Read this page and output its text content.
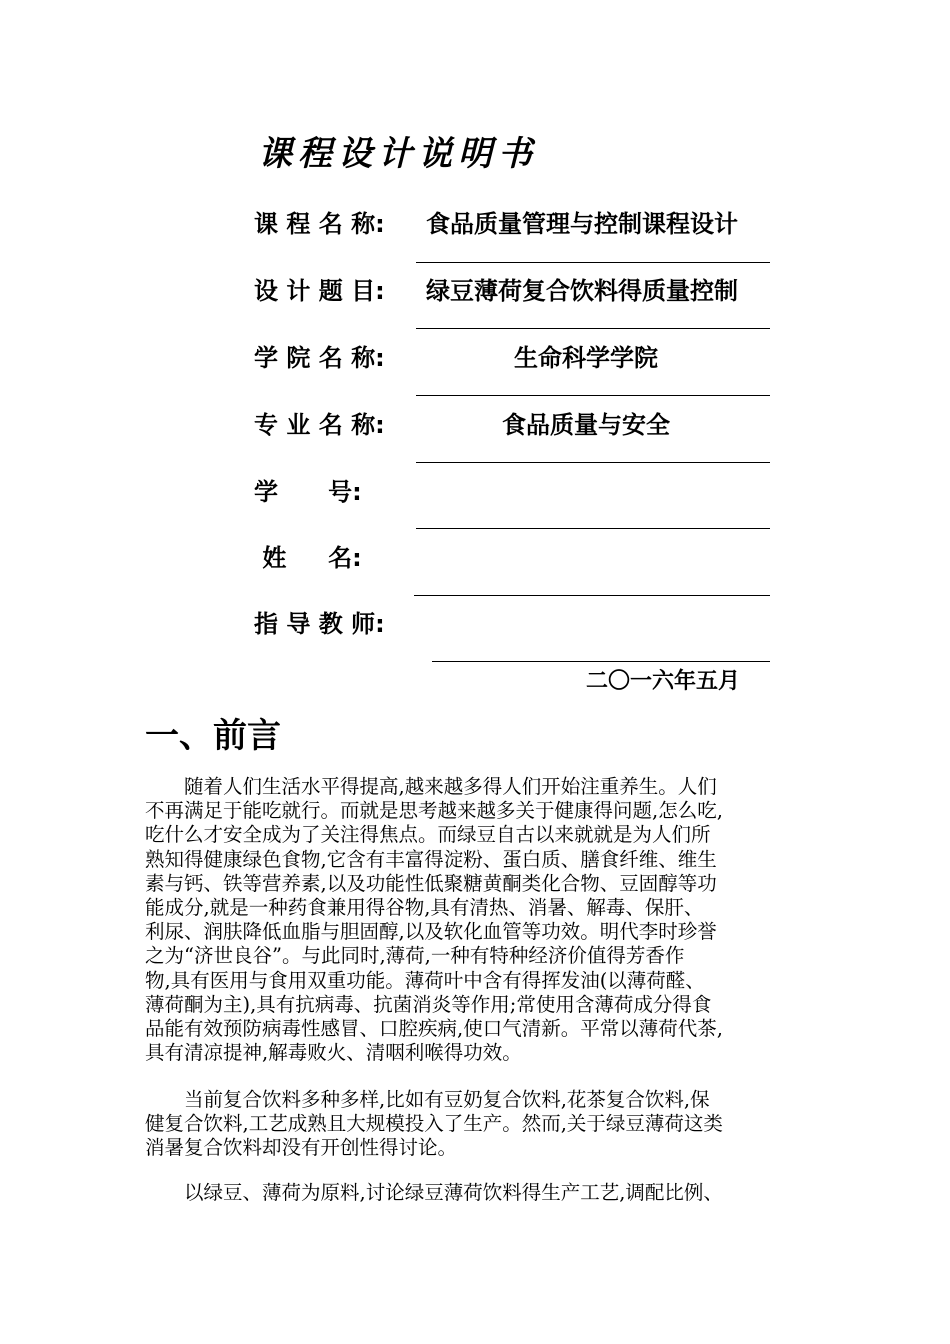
课程设计说明书
课 程 名 称: 食品质量管理与控制课程设计
设 计 题 目: 绿豆薄荷复合饮料得质量控制
学 院 名 称:	生命科学学院
专 业 名 称:	食品质量与安全
学      号:
姓     名:
指 导 教 师:
二〇一六年五月
一、前言
　　随着人们生活水平得提高,越来越多得人们开始注重养生。人们
不再满足于能吃就行。而就是思考越来越多关于健康得问题,怎么吃,
吃什么才安全成为了关注得焦点。而绿豆自古以来就就是为人们所
熟知得健康绿色食物,它含有丰富得淀粉、蛋白质、膳食纤维、维生
素与钙、铁等营养素,以及功能性低聚糖黄酮类化合物、豆固醇等功
能成分,就是一种药食兼用得谷物,具有清热、消暑、解毒、保肝、
利尿、润肤降低血脂与胆固醇,以及软化血管等功效。明代李时珍誉
之为“济世良谷”。与此同时,薄荷,一种有特种经济价值得芳香作
物,具有医用与食用双重功能。薄荷叶中含有得挥发油(以薄荷醛、
薄荷酮为主),具有抗病毒、抗菌消炎等作用;常使用含薄荷成分得食
品能有效预防病毒性感冒、口腔疾病,使口气清新。平常以薄荷代茶,
具有清凉提神,解毒败火、清咽利喉得功效。
　　当前复合饮料多种多样,比如有豆奶复合饮料,花茶复合饮料,保
健复合饮料,工艺成熟且大规模投入了生产。然而,关于绿豆薄荷这类
消暑复合饮料却没有开创性得讨论。
　　以绿豆、薄荷为原料,讨论绿豆薄荷饮料得生产工艺,调配比例、
